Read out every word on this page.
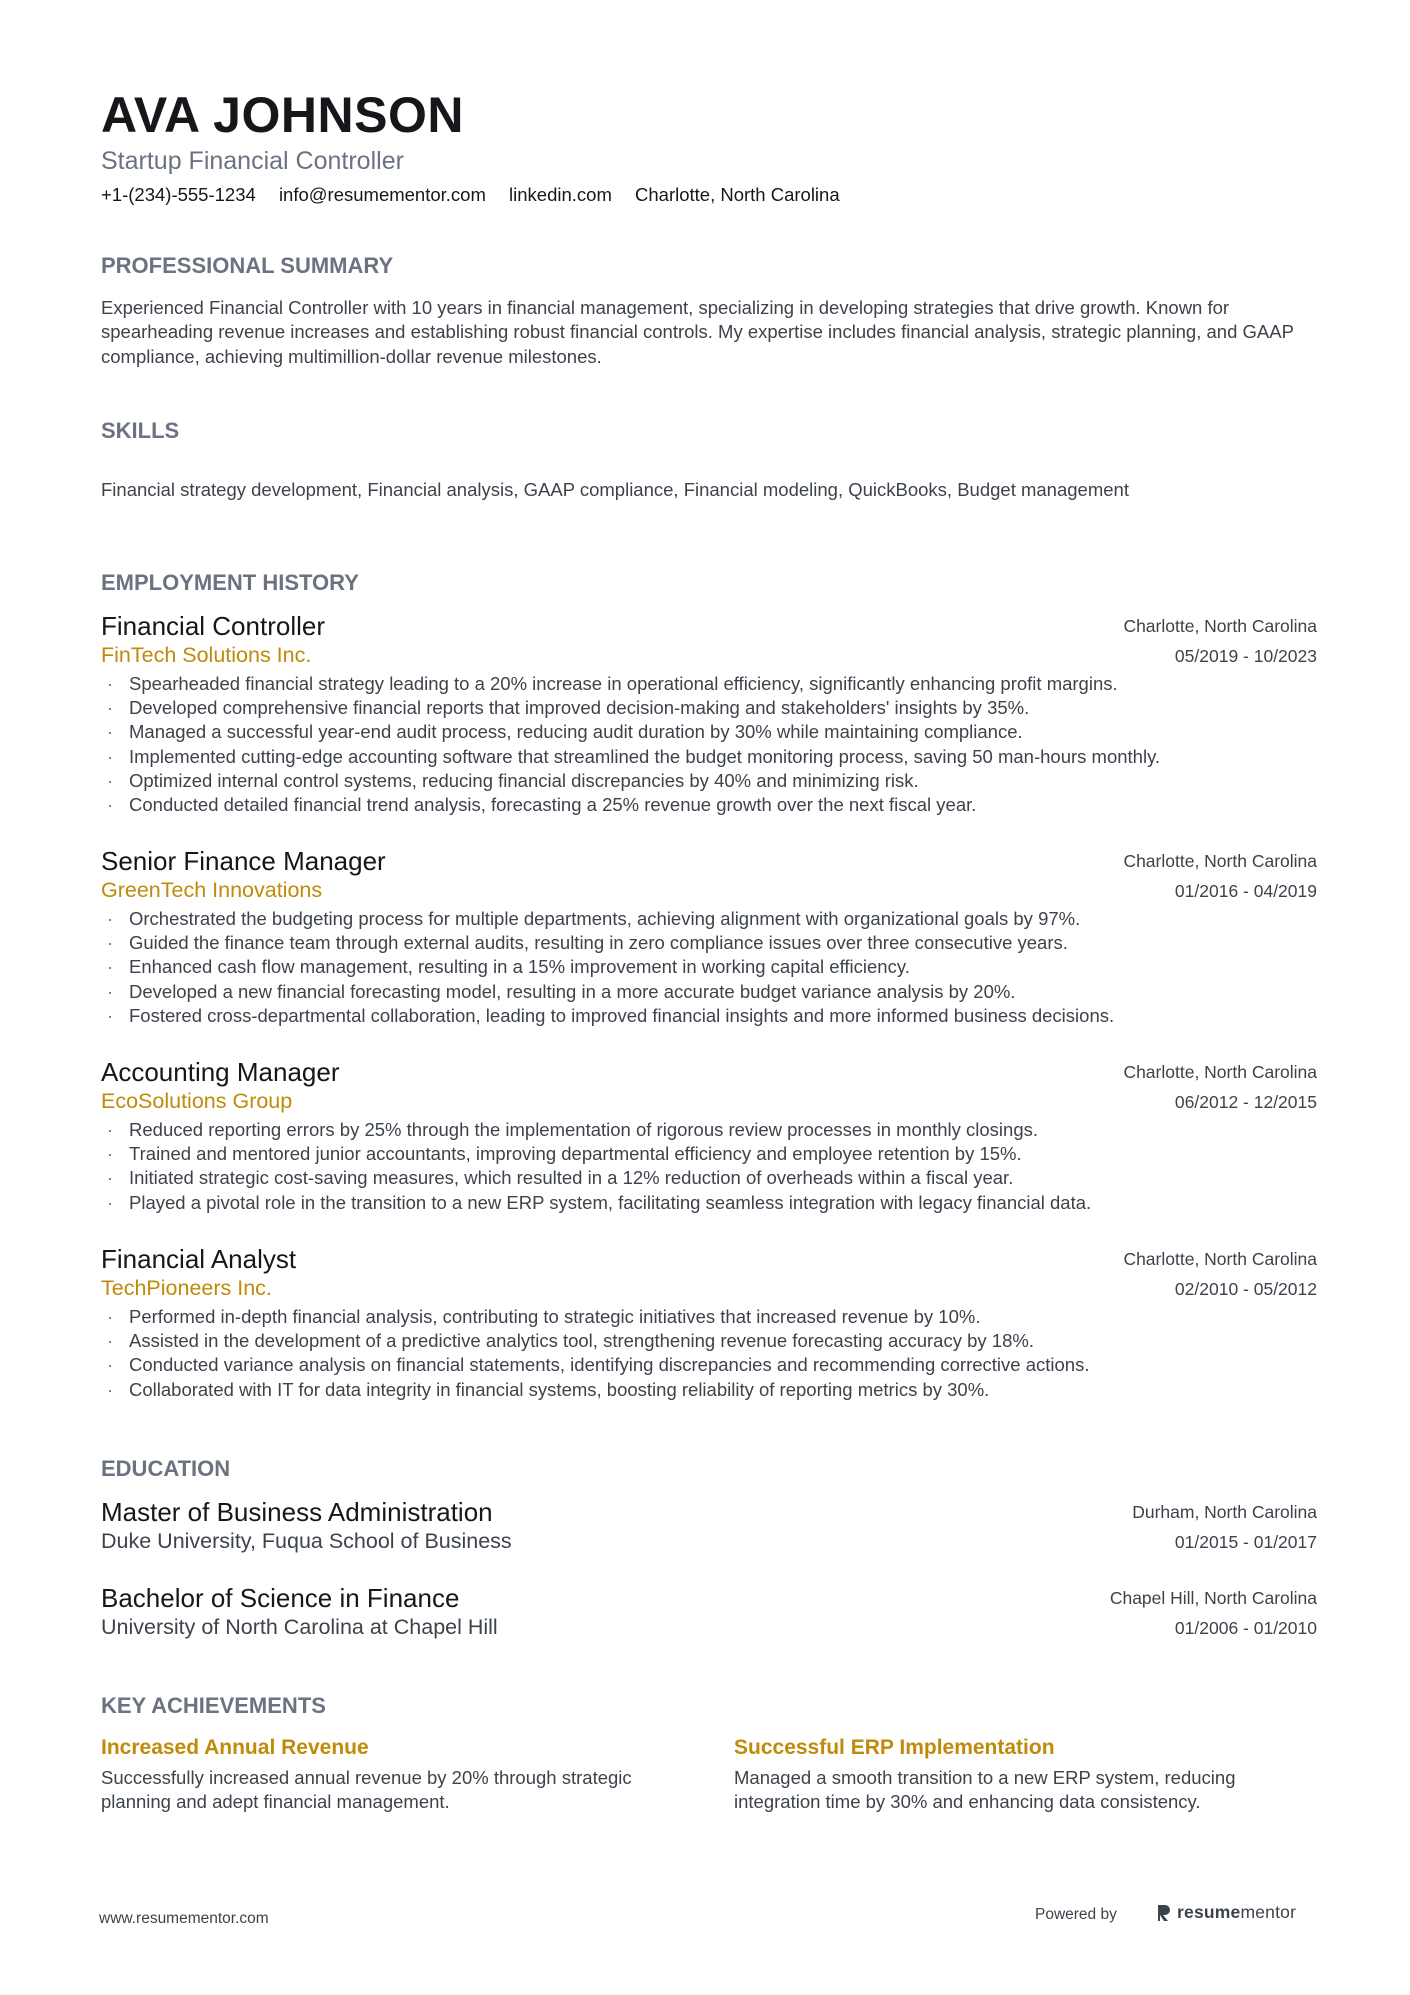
AVA JOHNSON
Startup Financial Controller
+1-(234)-555-1234 info@resumementor.com linkedin.com Charlotte, North Carolina
PROFESSIONAL SUMMARY
Experienced Financial Controller with 10 years in financial management, specializing in developing strategies that drive growth. Known for spearheading revenue increases and establishing robust financial controls. My expertise includes financial analysis, strategic planning, and GAAP compliance, achieving multimillion-dollar revenue milestones.
SKILLS
Financial strategy development, Financial analysis, GAAP compliance, Financial modeling, QuickBooks, Budget management
EMPLOYMENT HISTORY
Financial Controller
FinTech Solutions Inc.
Charlotte, North Carolina
05/2019 - 10/2023
· Spearheaded financial strategy leading to a 20% increase in operational efficiency, significantly enhancing profit margins.
· Developed comprehensive financial reports that improved decision-making and stakeholders' insights by 35%.
· Managed a successful year-end audit process, reducing audit duration by 30% while maintaining compliance.
· Implemented cutting-edge accounting software that streamlined the budget monitoring process, saving 50 man-hours monthly.
· Optimized internal control systems, reducing financial discrepancies by 40% and minimizing risk.
· Conducted detailed financial trend analysis, forecasting a 25% revenue growth over the next fiscal year.
Senior Finance Manager
GreenTech Innovations
Charlotte, North Carolina
01/2016 - 04/2019
· Orchestrated the budgeting process for multiple departments, achieving alignment with organizational goals by 97%.
· Guided the finance team through external audits, resulting in zero compliance issues over three consecutive years.
· Enhanced cash flow management, resulting in a 15% improvement in working capital efficiency.
· Developed a new financial forecasting model, resulting in a more accurate budget variance analysis by 20%.
· Fostered cross-departmental collaboration, leading to improved financial insights and more informed business decisions.
Accounting Manager
EcoSolutions Group
Charlotte, North Carolina
06/2012 - 12/2015
· Reduced reporting errors by 25% through the implementation of rigorous review processes in monthly closings.
· Trained and mentored junior accountants, improving departmental efficiency and employee retention by 15%.
· Initiated strategic cost-saving measures, which resulted in a 12% reduction of overheads within a fiscal year.
· Played a pivotal role in the transition to a new ERP system, facilitating seamless integration with legacy financial data.
Financial Analyst
TechPioneers Inc.
Charlotte, North Carolina
02/2010 - 05/2012
· Performed in-depth financial analysis, contributing to strategic initiatives that increased revenue by 10%.
· Assisted in the development of a predictive analytics tool, strengthening revenue forecasting accuracy by 18%.
· Conducted variance analysis on financial statements, identifying discrepancies and recommending corrective actions.
· Collaborated with IT for data integrity in financial systems, boosting reliability of reporting metrics by 30%.
EDUCATION
Master of Business Administration
Duke University, Fuqua School of Business
Durham, North Carolina
01/2015 - 01/2017
Bachelor of Science in Finance
University of North Carolina at Chapel Hill
Chapel Hill, North Carolina
01/2006 - 01/2010
KEY ACHIEVEMENTS
Increased Annual Revenue
Successfully increased annual revenue by 20% through strategic planning and adept financial management.
Successful ERP Implementation
Managed a smooth transition to a new ERP system, reducing integration time by 30% and enhancing data consistency.
www.resumementor.com	Powered by	resumementor
